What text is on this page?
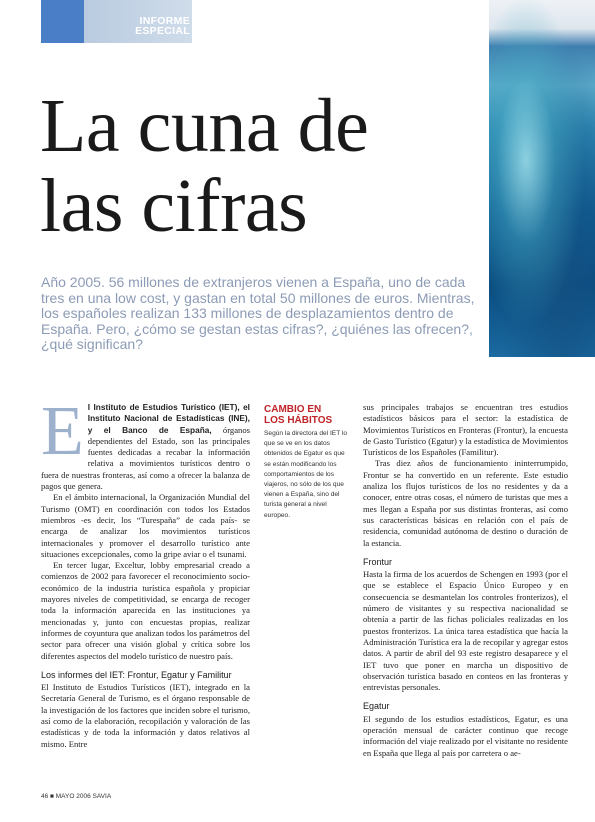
INFORME
ESPECIAL
La cuna de
las cifras

Año 2005. 56 millones de extranjeros vienen a España, uno de cada tres en una low cost, y gastan en total 50 millones de euros. Mientras, los españoles realizan 133 millones de desplazamientos dentro de España. Pero, ¿cómo se gestan estas cifras?, ¿quiénes las ofrecen?, ¿qué significan?

El Instituto de Estudios Turístico (IET), el Instituto Nacional de Estadísticas (INE), y el Banco de España, órganos dependientes del Estado, son las principales fuentes dedicadas a recabar la información relativa a movimientos turísticos dentro o fuera de nuestras fronteras, así como a ofrecer la balanza de pagos que genera.

En el ámbito internacional, la Organización Mundial del Turismo (OMT) en coordinación con todos los Estados miembros -es decir, los “Turespaña” de cada país- se encarga de analizar los movimientos turísticos internacionales y promover el desarrollo turístico ante situaciones excepcionales, como la gripe aviar o el tsunami.

En tercer lugar, Exceltur, lobby empresarial creado a comienzos de 2002 para favorecer el reconocimiento socio-económico de la industria turística española y propiciar mayores niveles de competitividad, se encarga de recoger toda la información aparecida en las instituciones ya mencionadas y, junto con encuestas propias, realizar informes de coyuntura que analizan todos los parámetros del sector para ofrecer una visión global y crítica sobre los diferentes aspectos del modelo turístico de nuestro país.

Los informes del IET: Frontur, Egatur y Familitur

El Instituto de Estudios Turísticos (IET), integrado en la Secretaría General de Turismo, es el órgano responsable de la investigación de los factores que inciden sobre el turismo, así como de la elaboración, recopilación y valoración de las estadísticas y de toda la información y datos relativos al mismo. Entre

CAMBIO EN
LOS HÁBITOS

Según la directora del IET lo que se ve en los datos obtenidos de Egatur es que se están modificando los comportamientos de los viajeros, no sólo de los que vienen a España, sino del turista general a nivel europeo.

sus principales trabajos se encuentran tres estudios estadísticos básicos para el sector: la estadística de Movimientos Turísticos en Fronteras (Frontur), la encuesta de Gasto Turístico (Egatur) y la estadística de Movimientos Turísticos de los Españoles (Familitur).

Tras diez años de funcionamiento ininterrumpido, Frontur se ha convertido en un referente. Este estudio analiza los flujos turísticos de los no residentes y da a conocer, entre otras cosas, el número de turistas que mes a mes llegan a España por sus distintas fronteras, así como sus características básicas en relación con el país de residencia, comunidad autónoma de destino o duración de la estancia.

Frontur

Hasta la firma de los acuerdos de Schengen en 1993 (por el que se establece el Espacio Único Europeo y en consecuencia se desmantelan los controles fronterizos), el número de visitantes y su respectiva nacionalidad se obtenía a partir de las fichas policiales realizadas en los puestos fronterizos. La única tarea estadística que hacía la Administración Turística era la de recopilar y agregar estos datos. A partir de abril del 93 este registro desaparece y el IET tuvo que poner en marcha un dispositivo de observación turística basado en conteos en las fronteras y entrevistas personales.

Egatur

El segundo de los estudios estadísticos, Egatur, es una operación mensual de carácter continuo que recoge información del viaje realizado por el visitante no residente en España que llega al país por carretera o ae-

46 ■ MAYO 2006 SAVIA
